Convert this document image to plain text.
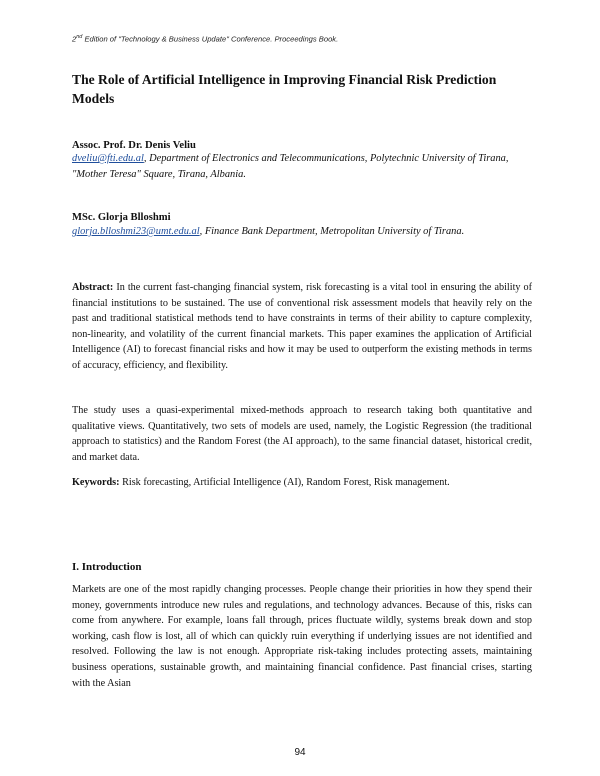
2nd Edition of "Technology & Business Update" Conference. Proceedings Book.
The Role of Artificial Intelligence in Improving Financial Risk Prediction Models
Assoc. Prof. Dr. Denis Veliu
dveliu@fti.edu.al, Department of Electronics and Telecommunications, Polytechnic University of Tirana, "Mother Teresa" Square, Tirana, Albania.
MSc. Glorja Blloshmi
glorja.blloshmi23@umt.edu.al, Finance Bank Department, Metropolitan University of Tirana.
Abstract: In the current fast-changing financial system, risk forecasting is a vital tool in ensuring the ability of financial institutions to be sustained. The use of conventional risk assessment models that heavily rely on the past and traditional statistical methods tend to have constraints in terms of their ability to capture complexity, non-linearity, and volatility of the current financial markets. This paper examines the application of Artificial Intelligence (AI) to forecast financial risks and how it may be used to outperform the existing methods in terms of accuracy, efficiency, and flexibility.
The study uses a quasi-experimental mixed-methods approach to research taking both quantitative and qualitative views. Quantitatively, two sets of models are used, namely, the Logistic Regression (the traditional approach to statistics) and the Random Forest (the AI approach), to the same financial dataset, historical credit, and market data.
Keywords: Risk forecasting, Artificial Intelligence (AI), Random Forest, Risk management.
I. Introduction
Markets are one of the most rapidly changing processes. People change their priorities in how they spend their money, governments introduce new rules and regulations, and technology advances. Because of this, risks can come from anywhere. For example, loans fall through, prices fluctuate wildly, systems break down and stop working, cash flow is lost, all of which can quickly ruin everything if underlying issues are not identified and resolved. Following the law is not enough. Appropriate risk-taking includes protecting assets, maintaining business operations, sustainable growth, and maintaining financial confidence. Past financial crises, starting with the Asian
94
